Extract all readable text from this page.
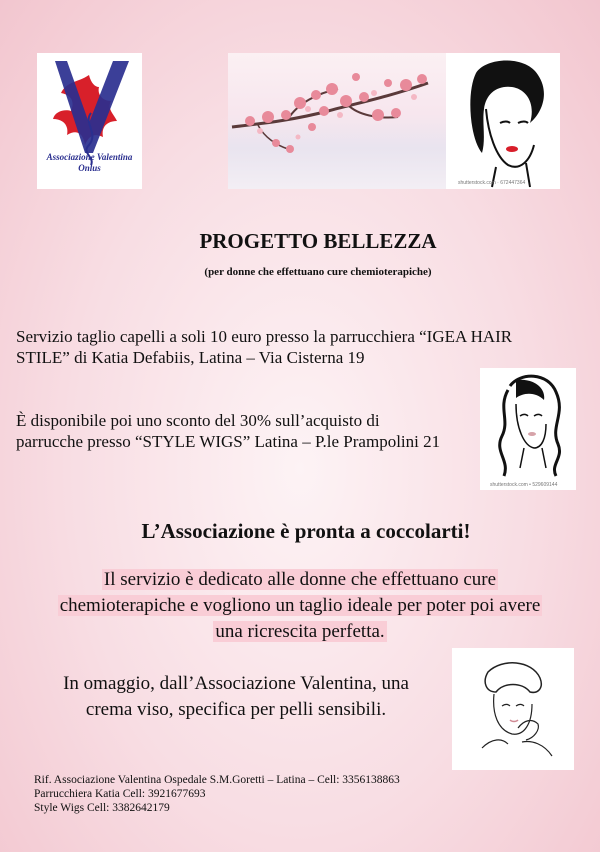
Associazione Valentina
Onlus
shutterstock.com · 672447364
PROGETTO BELLEZZA
(per donne che effettuano cure chemioterapiche)
Servizio taglio capelli a soli 10 euro presso la parrucchiera “IGEA HAIR
STILE” di Katia Defabiis, Latina – Via Cisterna 19
È disponibile poi uno sconto del 30% sull’acquisto di
parrucche presso “STYLE WIGS” Latina – P.le Prampolini 21
shutterstock.com • 529609144
L’Associazione è pronta a coccolarti!
Il servizio è dedicato alle donne che effettuano cure
chemioterapiche e vogliono un taglio ideale per poter poi avere
una ricrescita perfetta.
In omaggio, dall’Associazione Valentina, una
crema viso, specifica per pelli sensibili.
Rif. Associazione Valentina Ospedale S.M.Goretti – Latina – Cell: 3356138863
Parrucchiera Katia Cell: 3921677693
Style Wigs Cell: 3382642179
